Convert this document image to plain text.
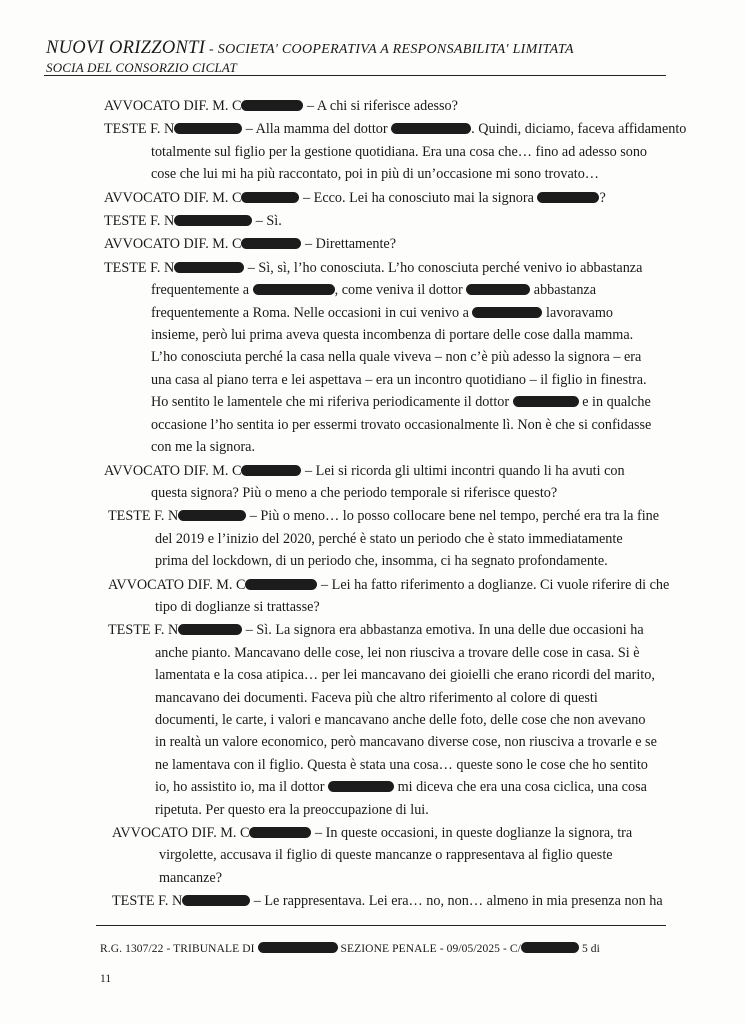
NUOVI ORIZZONTI - SOCIETA' COOPERATIVA A RESPONSABILITA' LIMITATA
SOCIA DEL CONSORZIO CICLAT
AVVOCATO DIF. M. C	– A chi si riferisce adesso?
TESTE F. N	– Alla mamma del dottor	. Quindi, diciamo, faceva affidamento
totalmente sul figlio per la gestione quotidiana. Era una cosa che… fino ad adesso sono
cose che lui mi ha più raccontato, poi in più di un’occasione mi sono trovato…
AVVOCATO DIF. M. C	– Ecco. Lei ha conosciuto mai la signora	?
TESTE F. N	– Sì.
AVVOCATO DIF. M. C	– Direttamente?
TESTE F. N	– Sì, sì, l’ho conosciuta. L’ho conosciuta perché venivo io abbastanza
frequentemente a	, come veniva il dottor	abbastanza
frequentemente a Roma. Nelle occasioni in cui venivo a	lavoravamo
insieme, però lui prima aveva questa incombenza di portare delle cose dalla mamma.
L’ho conosciuta perché la casa nella quale viveva – non c’è più adesso la signora – era
una casa al piano terra e lei aspettava – era un incontro quotidiano – il figlio in finestra.
Ho sentito le lamentele che mi riferiva periodicamente il dottor	e in qualche
occasione l’ho sentita io per essermi trovato occasionalmente lì. Non è che si confidasse
con me la signora.
AVVOCATO DIF. M. C	– Lei si ricorda gli ultimi incontri quando li ha avuti con
questa signora? Più o meno a che periodo temporale si riferisce questo?
TESTE F. N	– Più o meno… lo posso collocare bene nel tempo, perché era tra la fine
del 2019 e l’inizio del 2020, perché è stato un periodo che è stato immediatamente
prima del lockdown, di un periodo che, insomma, ci ha segnato profondamente.
AVVOCATO DIF. M. C	– Lei ha fatto riferimento a doglianze. Ci vuole riferire di che
tipo di doglianze si trattasse?
TESTE F. N	– Sì. La signora era abbastanza emotiva. In una delle due occasioni ha
anche pianto. Mancavano delle cose, lei non riusciva a trovare delle cose in casa. Si è
lamentata e la cosa atipica… per lei mancavano dei gioielli che erano ricordi del marito,
mancavano dei documenti. Faceva più che altro riferimento al colore di questi
documenti, le carte, i valori e mancavano anche delle foto, delle cose che non avevano
in realtà un valore economico, però mancavano diverse cose, non riusciva a trovarle e se
ne lamentava con il figlio. Questa è stata una cosa… queste sono le cose che ho sentito
io, ho assistito io, ma il dottor	mi diceva che era una cosa ciclica, una cosa
ripetuta. Per questo era la preoccupazione di lui.
AVVOCATO DIF. M. C	– In queste occasioni, in queste doglianze la signora, tra
virgolette, accusava il figlio di queste mancanze o rappresentava al figlio queste
mancanze?
TESTE F. N	– Le rappresentava. Lei era… no, non… almeno in mia presenza non ha
R.G. 1307/22 - TRIBUNALE DI	SEZIONE PENALE - 09/05/2025 - C/	5 di
11
